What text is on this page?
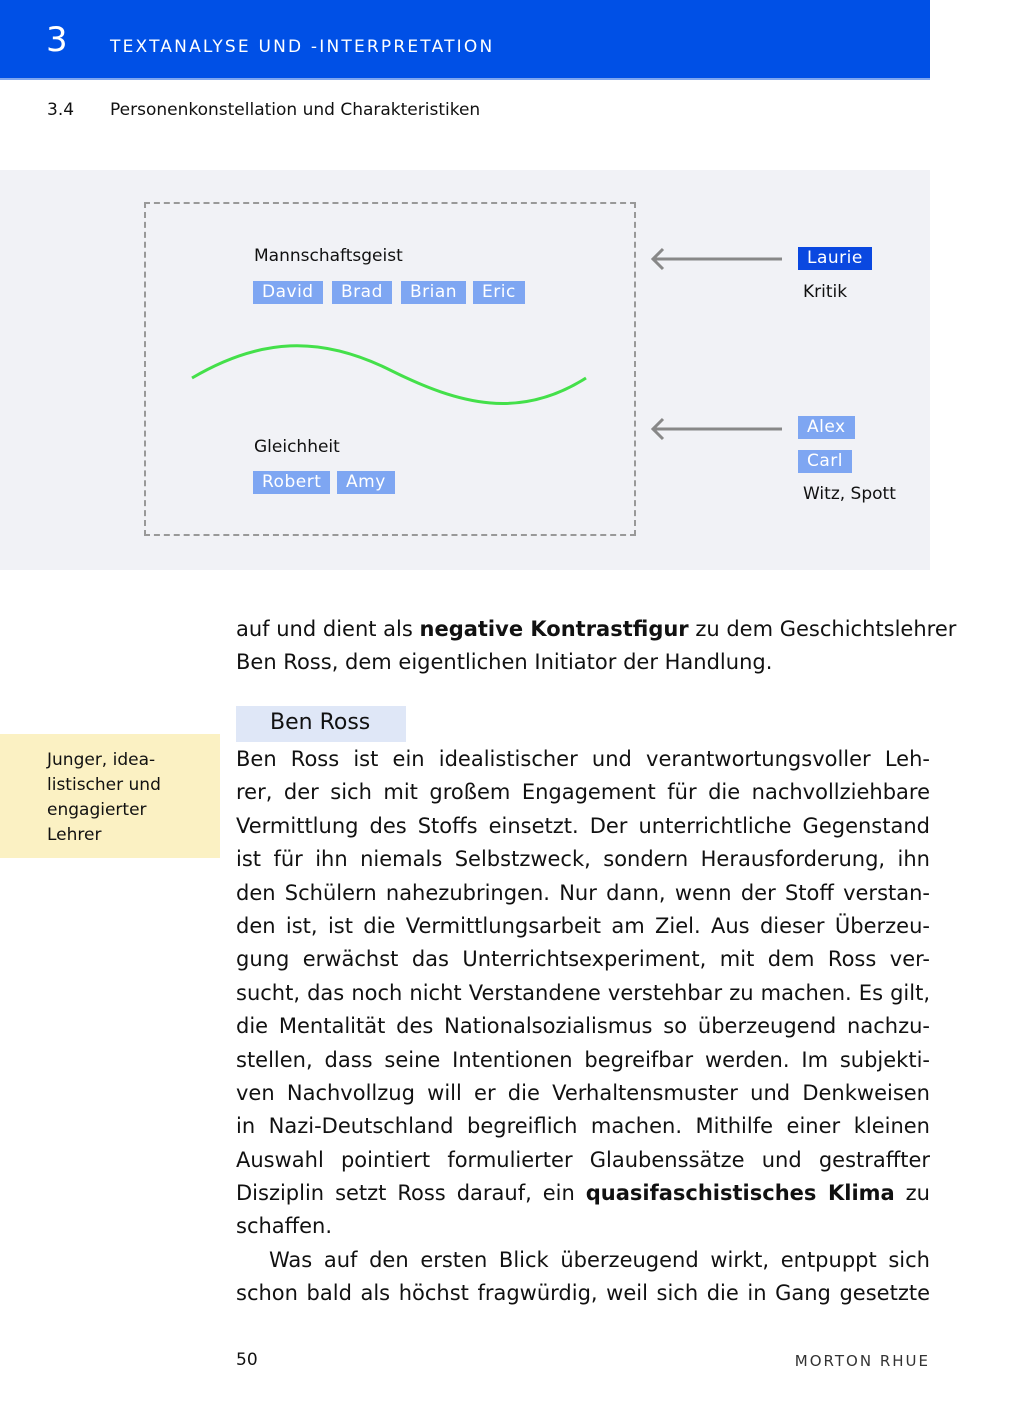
3 TEXTANALYSE UND -INTERPRETATION
3.4 Personenkonstellation und Charakteristiken
Mannschaftsgeist
David	Brad	Brian	Eric
Gleichheit
Robert	Amy
Laurie
Kritik
Alex
Carl
Witz, Spott
auf und dient als negative Kontrastfigur zu dem Geschichtslehrer
Ben Ross, dem eigentlichen Initiator der Handlung.
Ben Ross
Junger, idea-
listischer und
engagierter
Lehrer
Ben Ross ist ein idealistischer und verantwortungsvoller Leh-
rer, der sich mit großem Engagement für die nachvollziehbare
Vermittlung des Stoffs einsetzt. Der unterrichtliche Gegenstand
ist für ihn niemals Selbstzweck, sondern Herausforderung, ihn
den Schülern nahezubringen. Nur dann, wenn der Stoff verstan-
den ist, ist die Vermittlungsarbeit am Ziel. Aus dieser Überzeu-
gung erwächst das Unterrichtsexperiment, mit dem Ross ver-
sucht, das noch nicht Verstandene verstehbar zu machen. Es gilt,
die Mentalität des Nationalsozialismus so überzeugend nachzu-
stellen, dass seine Intentionen begreifbar werden. Im subjekti-
ven Nachvollzug will er die Verhaltensmuster und Denkweisen
in Nazi-Deutschland begreiflich machen. Mithilfe einer kleinen
Auswahl pointiert formulierter Glaubenssätze und gestraffter
Disziplin setzt Ross darauf, ein quasifaschistisches Klima zu
schaffen.
Was auf den ersten Blick überzeugend wirkt, entpuppt sich
schon bald als höchst fragwürdig, weil sich die in Gang gesetzte
50	MORTON RHUE
